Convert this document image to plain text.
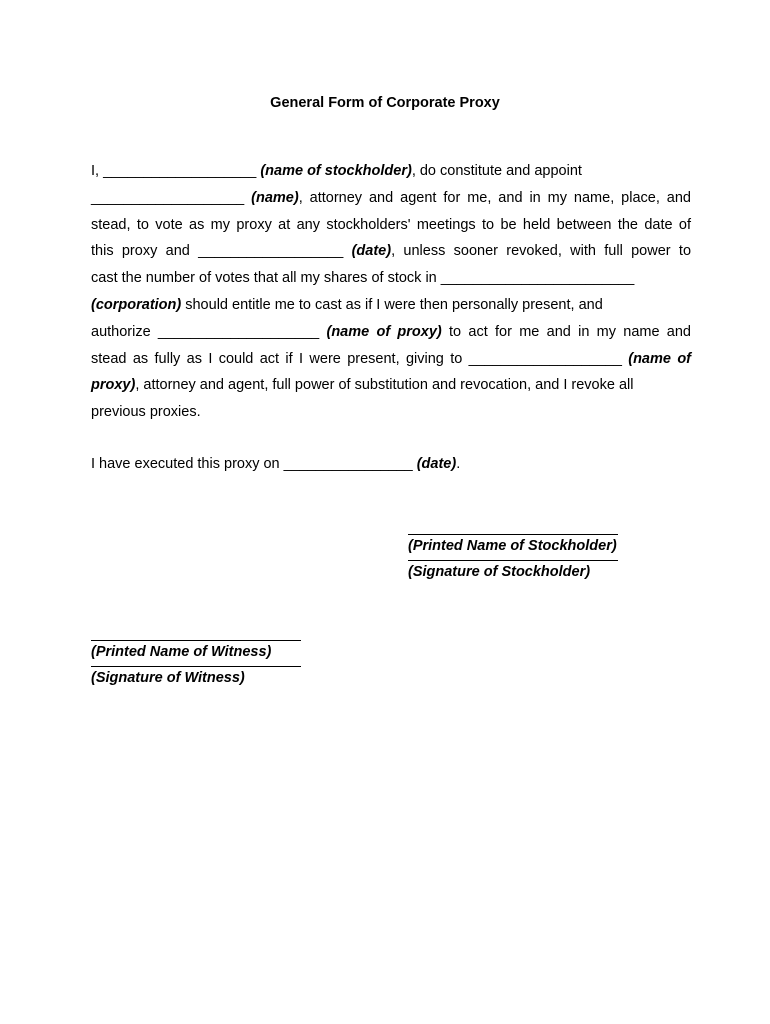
General Form of Corporate Proxy
I, ___________________ (name of stockholder), do constitute and appoint
___________________ (name), attorney and agent for me, and in my name, place, and
stead, to vote as my proxy at any stockholders' meetings to be held between the date of
this proxy and __________________ (date), unless sooner revoked, with full power to
cast the number of votes that all my shares of stock in ________________________
(corporation) should entitle me to cast as if I were then personally present, and
authorize ____________________ (name of proxy) to act for me and in my name and
stead as fully as I could act if I were present, giving to ___________________ (name of
proxy), attorney and agent, full power of substitution and revocation, and I revoke all
previous proxies.
I have executed this proxy on ________________ (date).
(Printed Name of Stockholder)
(Signature of Stockholder)
(Printed Name of Witness)
(Signature of Witness)
